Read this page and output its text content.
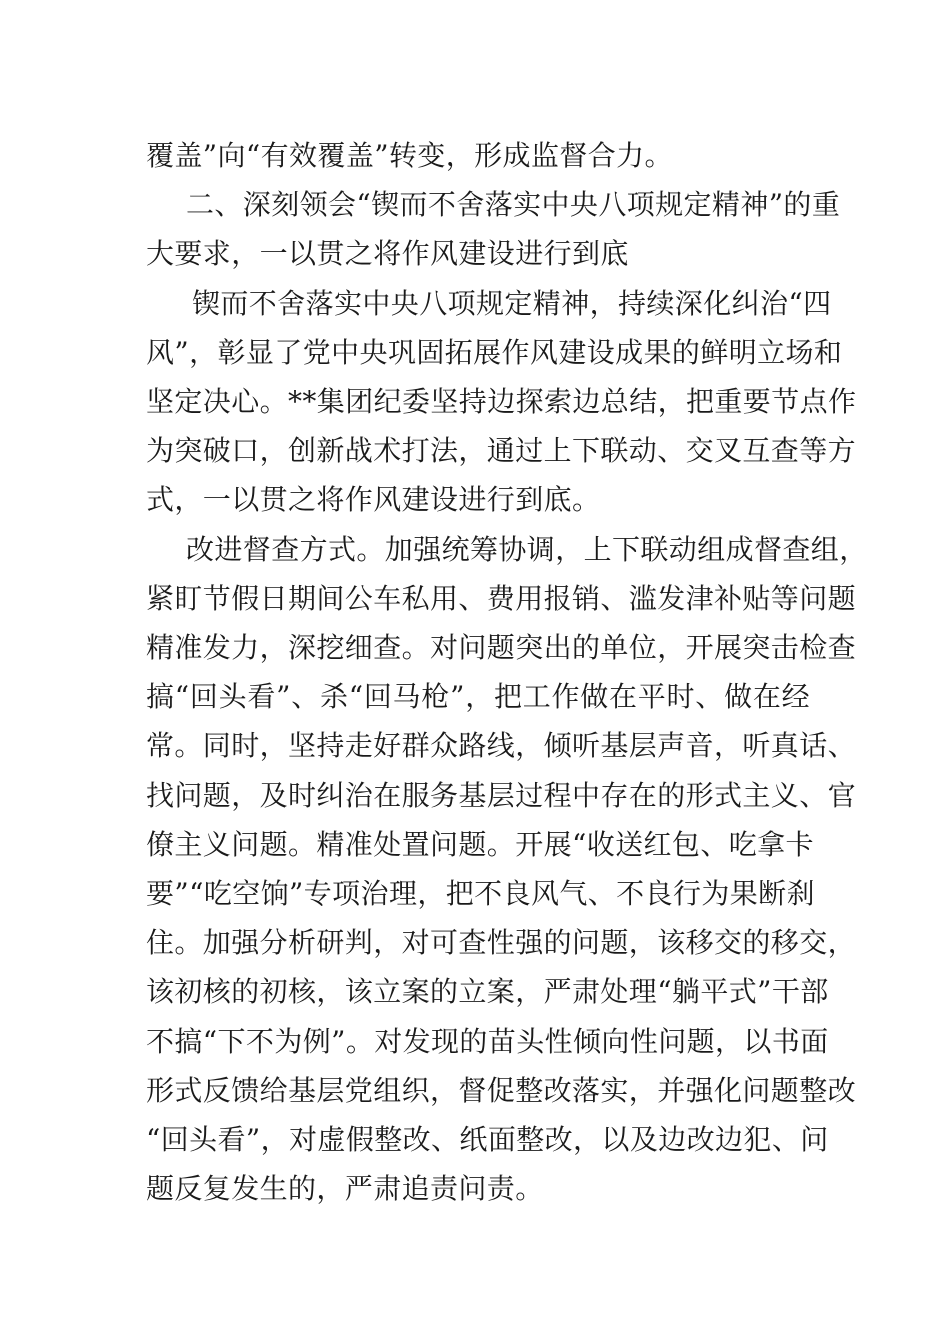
覆盖”向“有效覆盖”转变，形成监督合力。

二、深刻领会“锲而不舍落实中央八项规定精神”的重
大要求，一以贯之将作风建设进行到底

锲而不舍落实中央八项规定精神，持续深化纠治“四
风”，彰显了党中央巩固拓展作风建设成果的鲜明立场和
坚定决心。**集团纪委坚持边探索边总结，把重要节点作
为突破口，创新战术打法，通过上下联动、交叉互查等方
式，一以贯之将作风建设进行到底。

改进督查方式。加强统筹协调，上下联动组成督查组，
紧盯节假日期间公车私用、费用报销、滥发津补贴等问题
精准发力，深挖细查。对问题突出的单位，开展突击检查
搞“回头看”、杀“回马枪”，把工作做在平时、做在经
常。同时，坚持走好群众路线，倾听基层声音，听真话、
找问题，及时纠治在服务基层过程中存在的形式主义、官
僚主义问题。精准处置问题。开展“收送红包、吃拿卡
要”“吃空饷”专项治理，把不良风气、不良行为果断刹
住。加强分析研判，对可查性强的问题，该移交的移交，
该初核的初核，该立案的立案，严肃处理“躺平式”干部
不搞“下不为例”。对发现的苗头性倾向性问题，以书面
形式反馈给基层党组织，督促整改落实，并强化问题整改
“回头看”，对虚假整改、纸面整改，以及边改边犯、问
题反复发生的，严肃追责问责。
